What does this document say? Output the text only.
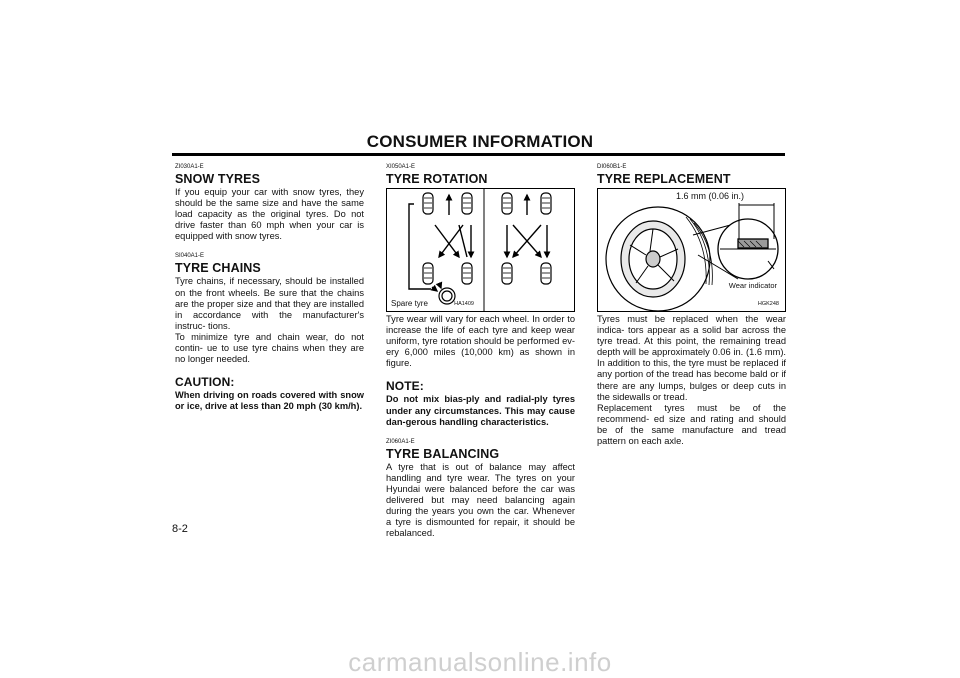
CONSUMER INFORMATION

ZI030A1-E

SNOW TYRES

If you equip your car with snow tyres, they should be the same size and have the same load capacity as the original tyres. Do not drive faster than 60 mph when your car is equipped with snow tyres.

SI040A1-E

TYRE CHAINS

Tyre chains, if necessary, should be installed on the front wheels. Be sure that the chains are the proper size and that they are installed in accordance with the manufacturer's instruc- tions.

To minimize tyre and chain wear, do not contin- ue to use tyre chains when they are no longer needed.

CAUTION:

When driving on roads covered with snow or ice, drive at less than 20 mph (30 km/h).

XI050A1-E

TYRE ROTATION

Spare tyre	HA1409

Tyre wear will vary for each wheel. In order to increase the life of each tyre and keep wear uniform, tyre rotation should be performed ev- ery 6,000 miles (10,000 km) as shown in figure.

NOTE:

Do not mix bias-ply and radial-ply tyres under any circumstances. This may cause dan-gerous handling characteristics.

ZI060A1-E

TYRE BALANCING

A tyre that is out of balance may affect handling and tyre wear. The tyres on your Hyundai were balanced before the car was delivered but may need balancing again during the years you own the car. Whenever a tyre is dismounted for repair, it should be rebalanced.

DI060B1-E

TYRE REPLACEMENT

1.6 mm (0.06 in.)
Wear indicator
HGK248

Tyres must be replaced when the wear indica- tors appear as a solid bar across the tyre tread. At this point, the remaining tread depth will be approximately 0.06 in. (1.6 mm). In addition to this, the tyre must be replaced if any portion of the tread has become bald or if there are any lumps, bulges or deep cuts in the sidewalls or tread.

Replacement tyres must be of the recommend- ed size and rating and should be of the same manufacture and tread pattern on each axle.

8-2
carmanualsonline.info
